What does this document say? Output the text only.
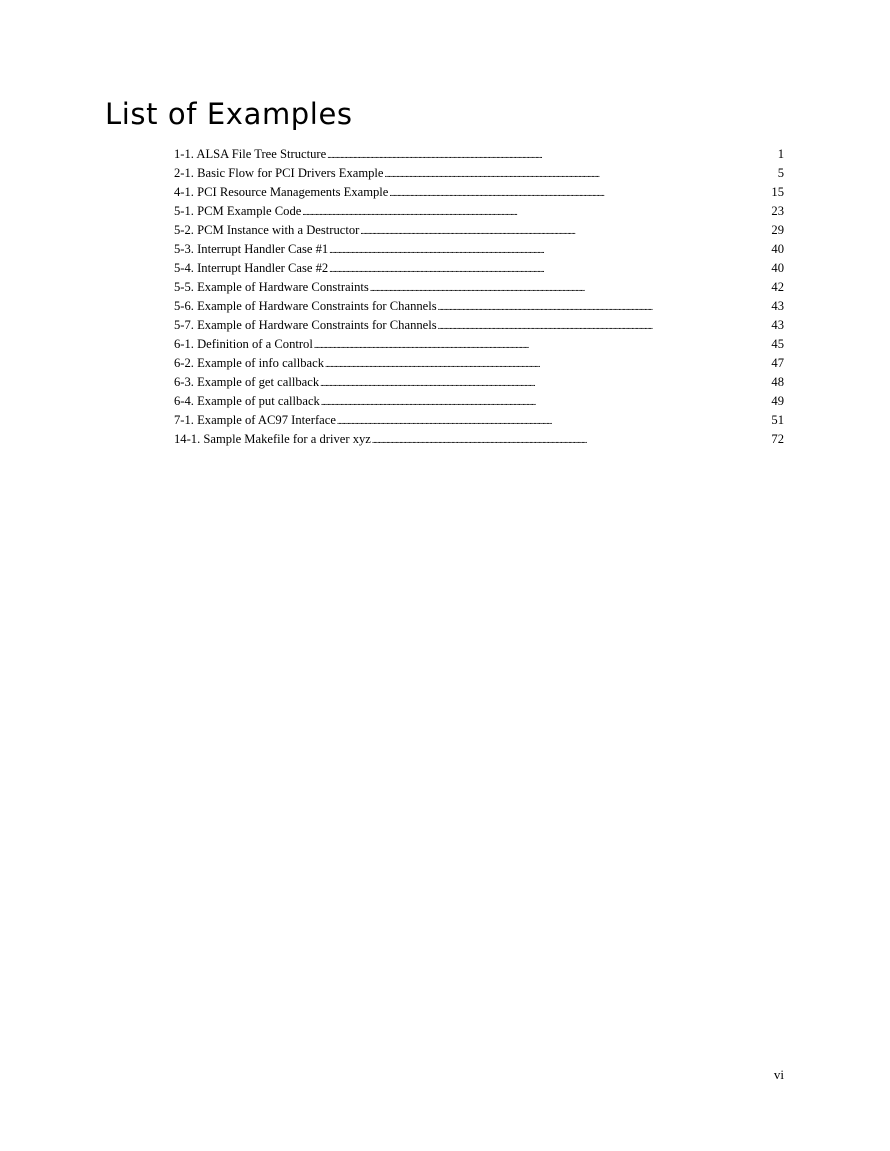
List of Examples
1-1. ALSA File Tree Structure . . .	1
2-1. Basic Flow for PCI Drivers Example . . .	5
4-1. PCI Resource Managements Example . . .	15
5-1. PCM Example Code . . .	23
5-2. PCM Instance with a Destructor . . .	29
5-3. Interrupt Handler Case #1 . . .	40
5-4. Interrupt Handler Case #2 . . .	40
5-5. Example of Hardware Constraints . . .	42
5-6. Example of Hardware Constraints for Channels . . .	43
5-7. Example of Hardware Constraints for Channels . . .	43
6-1. Definition of a Control . . .	45
6-2. Example of info callback . . .	47
6-3. Example of get callback . . .	48
6-4. Example of put callback . . .	49
7-1. Example of AC97 Interface . . .	51
14-1. Sample Makefile for a driver xyz . . .	72

vi
